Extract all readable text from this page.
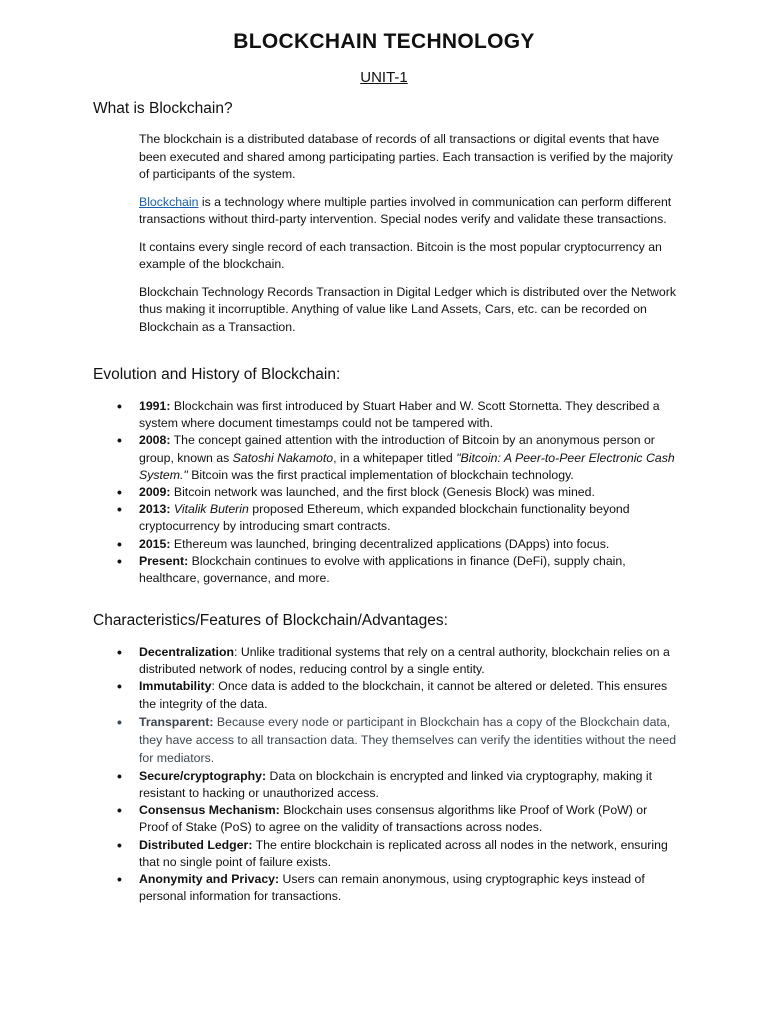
BLOCKCHAIN TECHNOLOGY
UNIT-1
What is Blockchain?

The blockchain is a distributed database of records of all transactions or digital events that have been executed and shared among participating parties. Each transaction is verified by the majority of participants of the system.

Blockchain is a technology where multiple parties involved in communication can perform different transactions without third-party intervention. Special nodes verify and validate these transactions.

It contains every single record of each transaction. Bitcoin is the most popular cryptocurrency an example of the blockchain.

Blockchain Technology Records Transaction in Digital Ledger which is distributed over the Network thus making it incorruptible. Anything of value like Land Assets, Cars, etc. can be recorded on Blockchain as a Transaction.

Evolution and History of Blockchain:
• 1991: Blockchain was first introduced by Stuart Haber and W. Scott Stornetta. They described a system where document timestamps could not be tampered with.
• 2008: The concept gained attention with the introduction of Bitcoin by an anonymous person or group, known as Satoshi Nakamoto, in a whitepaper titled "Bitcoin: A Peer-to-Peer Electronic Cash System." Bitcoin was the first practical implementation of blockchain technology.
• 2009: Bitcoin network was launched, and the first block (Genesis Block) was mined.
• 2013: Vitalik Buterin proposed Ethereum, which expanded blockchain functionality beyond cryptocurrency by introducing smart contracts.
• 2015: Ethereum was launched, bringing decentralized applications (DApps) into focus.
• Present: Blockchain continues to evolve with applications in finance (DeFi), supply chain, healthcare, governance, and more.
Characteristics/Features of Blockchain/Advantages:
• Decentralization: Unlike traditional systems that rely on a central authority, blockchain relies on a distributed network of nodes, reducing control by a single entity.
• Immutability: Once data is added to the blockchain, it cannot be altered or deleted. This ensures the integrity of the data.
• Transparent: Because every node or participant in Blockchain has a copy of the Blockchain data, they have access to all transaction data. They themselves can verify the identities without the need for mediators.
• Secure/cryptography: Data on blockchain is encrypted and linked via cryptography, making it resistant to hacking or unauthorized access.
• Consensus Mechanism: Blockchain uses consensus algorithms like Proof of Work (PoW) or Proof of Stake (PoS) to agree on the validity of transactions across nodes.
• Distributed Ledger: The entire blockchain is replicated across all nodes in the network, ensuring that no single point of failure exists.
• Anonymity and Privacy: Users can remain anonymous, using cryptographic keys instead of personal information for transactions.
